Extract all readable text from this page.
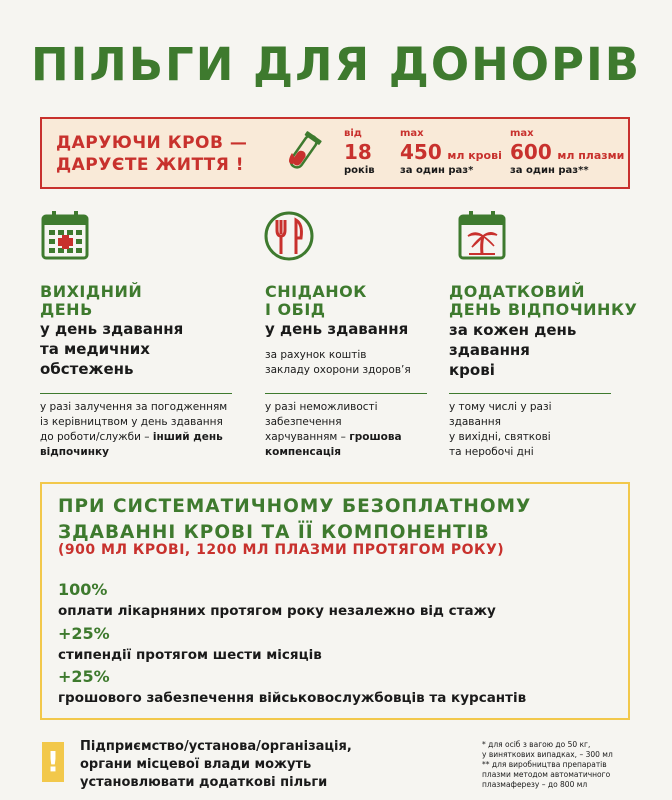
ПІЛЬГИ ДЛЯ ДОНОРІВ
ДАРУЮЧИ КРОВ —
ДАРУЄТЕ ЖИТТЯ !
від
18
років
max
450 мл крові
за один раз*
max
600 мл плазми
за один раз**
ВИХІДНИЙ
ДЕНЬ
у день здавання
та медичних
обстежень
у разі залучення за погодженням
із керівництвом у день здавання
до роботи/служби – інший день
відпочинку
СНІДАНОК
І ОБІД
у день здавання
за рахунок коштів
закладу охорони здоров’я
у разі неможливості
забезпечення
харчуванням – грошова
компенсація
ДОДАТКОВИЙ
ДЕНЬ ВІДПОЧИНКУ
за кожен день
здавання
крові
у тому числі у разі
здавання
у вихідні, святкові
та неробочі дні
ПРИ СИСТЕМАТИЧНОМУ БЕЗОПЛАТНОМУ
ЗДАВАННІ КРОВІ ТА ЇЇ КОМПОНЕНТІВ
(900 МЛ КРОВІ, 1200 МЛ ПЛАЗМИ ПРОТЯГОМ РОКУ)
100%
оплати лікарняних протягом року незалежно від стажу
+25%
стипендії протягом шести місяців
+25%
грошового забезпечення військовослужбовців та курсантів
!	Підприємство/установа/організація,
органи місцевої влади можуть
установлювати додаткові пільги
* для осіб з вагою до 50 кг,
у виняткових випадках, – 300 мл
** для виробництва препаратів
плазми методом автоматичного
плазмаферезу – до 800 мл
